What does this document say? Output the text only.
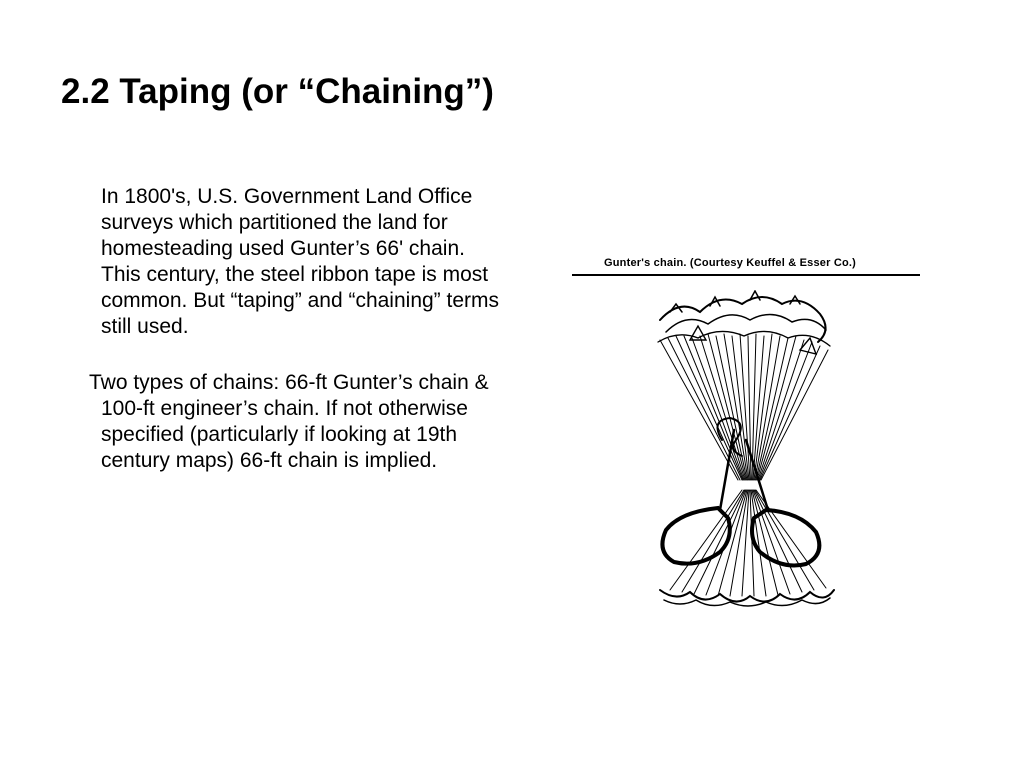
2.2 Taping (or “Chaining”)

In 1800's, U.S. Government Land Office surveys which partitioned the land for homesteading used Gunter’s 66' chain. This century, the steel ribbon tape is most common. But “taping” and “chaining” terms still used.

Two types of chains: 66-ft Gunter’s chain & 100-ft engineer’s chain. If not otherwise specified (particularly if looking at 19th century maps) 66-ft chain is implied.

Gunter's chain. (Courtesy Keuffel & Esser Co.)
